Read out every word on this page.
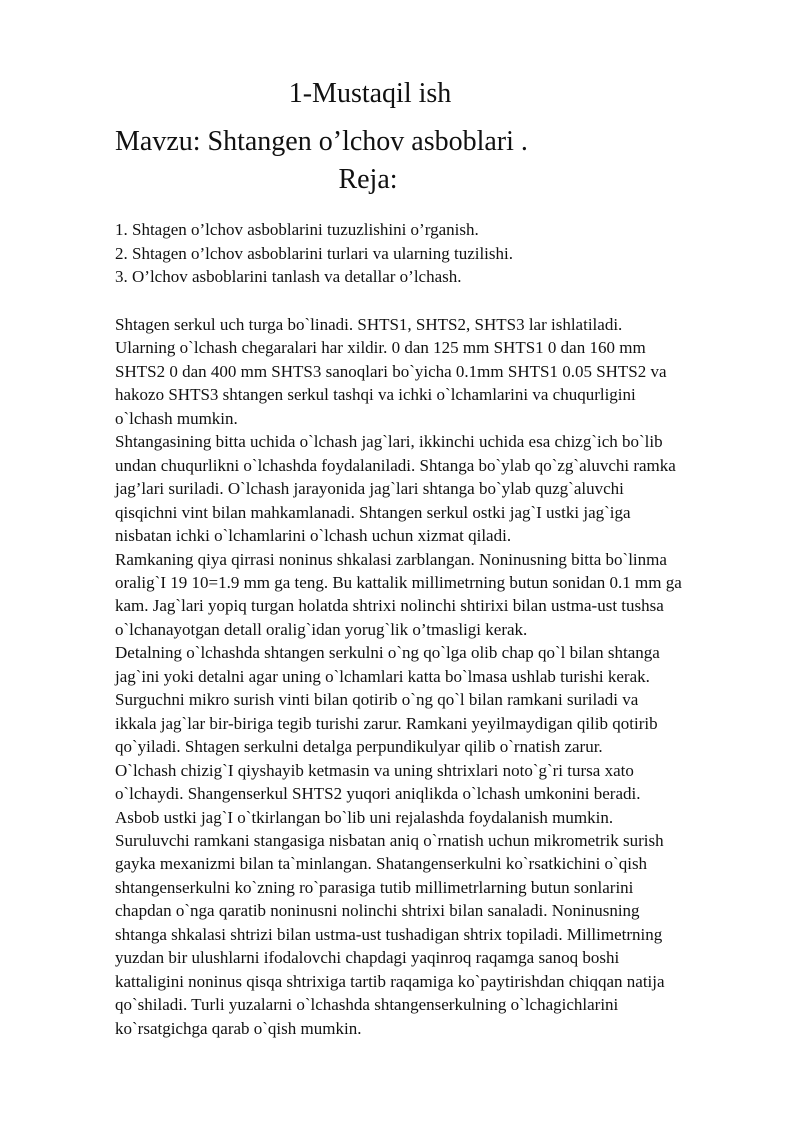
1-Mustaqil ish
Mavzu: Shtangen o’lchov asboblari .
Reja:
1. Shtagen o’lchov asboblarini tuzuzlishini o’rganish.
2. Shtagen o’lchov asboblarini turlari va ularning tuzilishi.
3. O’lchov asboblarini tanlash va detallar o’lchash.
Shtagen serkul uch turga bo`linadi. SHTS1, SHTS2, SHTS3 lar ishlatiladi.
Ularning o`lchash chegaralari har xildir. 0 dan 125 mm SHTS1 0 dan 160 mm
SHTS2 0 dan 400 mm SHTS3 sanoqlari bo`yicha 0.1mm SHTS1 0.05 SHTS2 va
hakozo SHTS3 shtangen serkul tashqi va ichki o`lchamlarini va chuqurligini
o`lchash mumkin.
Shtangasining bitta uchida o`lchash jag`lari, ikkinchi uchida esa chizg`ich bo`lib
undan chuqurlikni o`lchashda foydalaniladi. Shtanga bo`ylab qo`zg`aluvchi ramka
jag’lari suriladi. O`lchash jarayonida jag`lari shtanga bo`ylab quzg`aluvchi
qisqichni vint bilan mahkamlanadi. Shtangen serkul ostki jag`I ustki jag`iga
nisbatan ichki o`lchamlarini o`lchash uchun xizmat qiladi.
Ramkaning qiya qirrasi noninus shkalasi zarblangan. Noninusning bitta bo`linma
oralig`I 19 10=1.9 mm ga teng. Bu kattalik millimetrning butun sonidan 0.1 mm ga
kam. Jag`lari yopiq turgan holatda shtrixi nolinchi shtirixi bilan ustma-ust tushsa
o`lchanayotgan detall oralig`idan yorug`lik o’tmasligi kerak.
Detalning o`lchashda shtangen serkulni o`ng qo`lga olib chap qo`l bilan shtanga
jag`ini yoki detalni agar uning o`lchamlari katta bo`lmasa ushlab turishi kerak.
Surguchni mikro surish vinti bilan qotirib o`ng qo`l bilan ramkani suriladi va
ikkala jag`lar bir-biriga tegib turishi zarur. Ramkani yeyilmaydigan qilib qotirib
qo`yiladi. Shtagen serkulni detalga perpundikulyar qilib o`rnatish zarur.
O`lchash chizig`I qiyshayib ketmasin va uning shtrixlari noto`g`ri tursa xato
o`lchaydi. Shangenserkul SHTS2 yuqori aniqlikda o`lchash umkonini beradi.
Asbob ustki jag`I o`tkirlangan bo`lib uni rejalashda foydalanish mumkin.
Suruluvchi ramkani stangasiga nisbatan aniq o`rnatish uchun mikrometrik surish
gayka mexanizmi bilan ta`minlangan. Shatangenserkulni ko`rsatkichini o`qish
shtangenserkulni ko`zning ro`parasiga tutib millimetrlarning butun sonlarini
chapdan o`nga qaratib noninusni nolinchi shtrixi bilan sanaladi. Noninusning
shtanga shkalasi shtrizi bilan ustma-ust tushadigan shtrix topiladi. Millimetrning
yuzdan bir ulushlarni ifodalovchi chapdagi yaqinroq raqamga sanoq boshi
kattaligini noninus qisqa shtrixiga tartib raqamiga ko`paytirishdan chiqqan natija
qo`shiladi. Turli yuzalarni o`lchashda shtangenserkulning o`lchagichlarini
ko`rsatgichga qarab o`qish mumkin.
